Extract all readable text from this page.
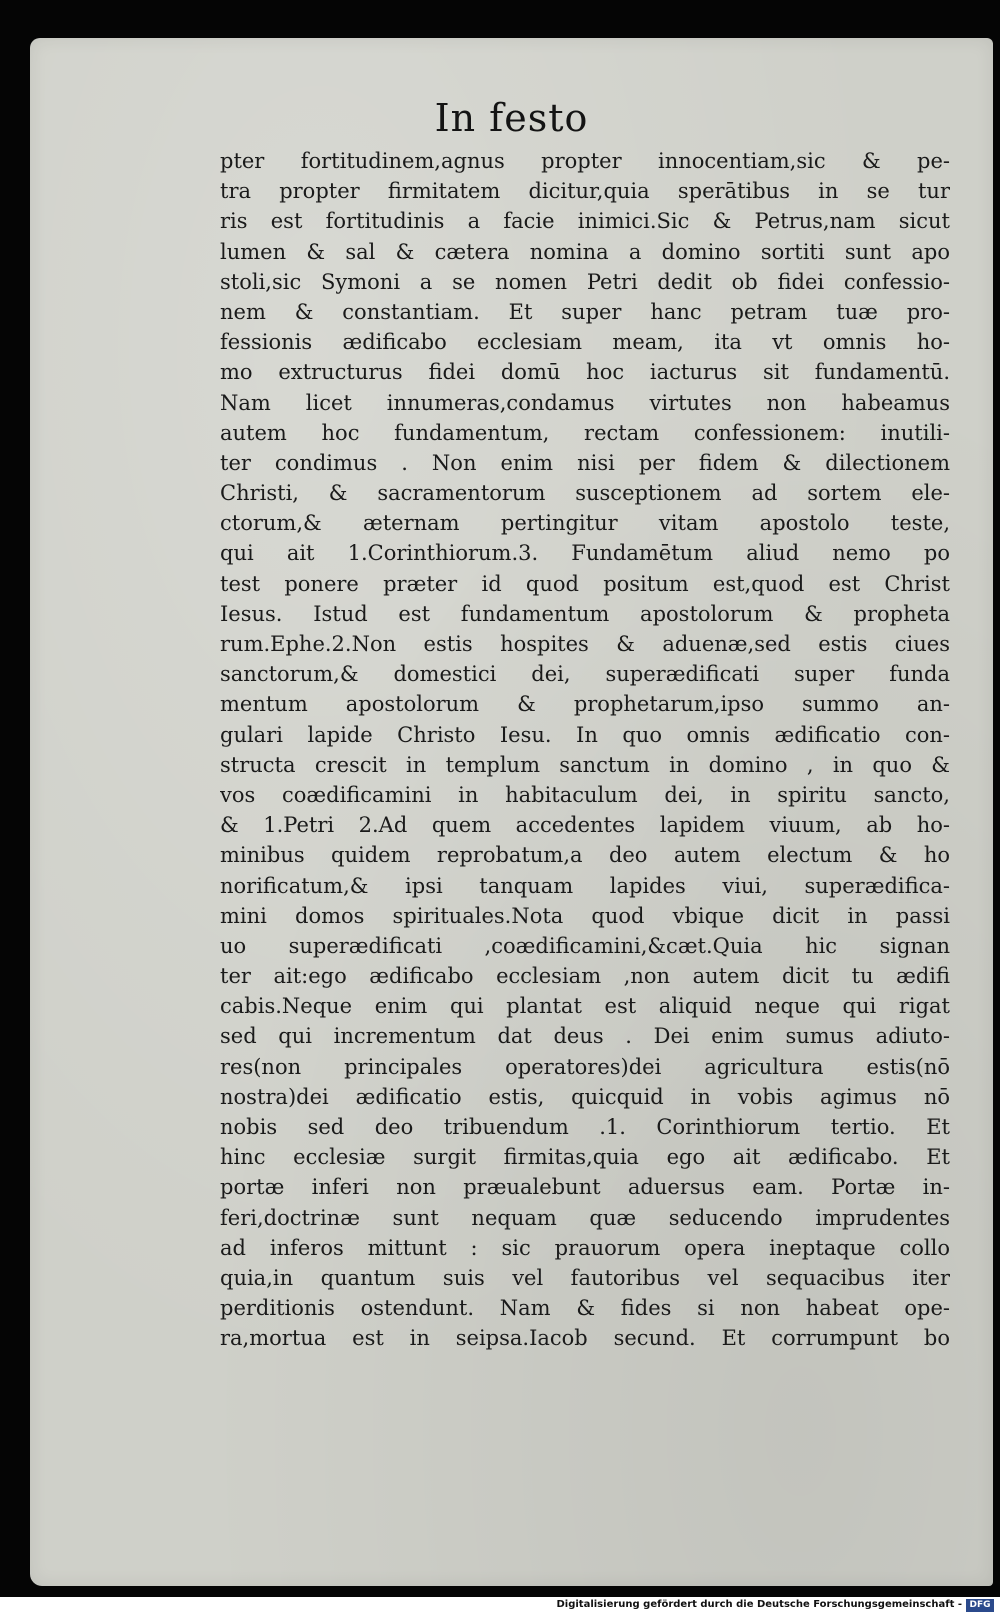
In festo
pter fortitudinem,agnus propter innocentiam,sic & pe-
tra propter firmitatem dicitur,quia sperātibus in se tur
ris est fortitudinis a facie inimici.Sic & Petrus,nam sicut
lumen & sal & cætera nomina a domino sortiti sunt apo
stoli,sic Symoni a se nomen Petri dedit ob fidei confessio-
nem & constantiam. Et super hanc petram tuæ pro-
fessionis ædificabo ecclesiam meam, ita vt omnis ho-
mo extructurus fidei domū hoc iacturus sit fundamentū.
Nam licet innumeras,condamus virtutes non habeamus
autem hoc fundamentum, rectam confessionem: inutili-
ter condimus . Non enim nisi per fidem & dilectionem
Christi, & sacramentorum susceptionem ad sortem ele-
ctorum,& æternam pertingitur vitam apostolo teste,
qui ait 1.Corinthiorum.3. Fundamētum aliud nemo po
test ponere præter id quod positum est,quod est Christ
Iesus. Istud est fundamentum apostolorum & propheta
rum.Ephe.2.Non estis hospites & aduenæ,sed estis ciues
sanctorum,& domestici dei, superædificati super funda
mentum apostolorum & prophetarum,ipso summo an-
gulari lapide Christo Iesu. In quo omnis ædificatio con-
structa crescit in templum sanctum in domino , in quo &
vos coædificamini in habitaculum dei, in spiritu sancto,
& 1.Petri 2.Ad quem accedentes lapidem viuum, ab ho-
minibus quidem reprobatum,a deo autem electum & ho
norificatum,& ipsi tanquam lapides viui, superædifica-
mini domos spirituales.Nota quod vbique dicit in passi
uo superædificati ,coædificamini,&cæt.Quia hic signan
ter ait:ego ædificabo ecclesiam ,non autem dicit tu ædifi
cabis.Neque enim qui plantat est aliquid neque qui rigat
sed qui incrementum dat deus . Dei enim sumus adiuto-
res(non principales operatores)dei agricultura estis(nō
nostra)dei ædificatio estis, quicquid in vobis agimus nō
nobis sed deo tribuendum .1. Corinthiorum tertio. Et
hinc ecclesiæ surgit firmitas,quia ego ait ædificabo. Et
portæ inferi non præualebunt aduersus eam. Portæ in-
feri,doctrinæ sunt nequam quæ seducendo imprudentes
ad inferos mittunt : sic prauorum opera ineptaque collo
quia,in quantum suis vel fautoribus vel sequacibus iter
perditionis ostendunt. Nam & fides si non habeat ope-
ra,mortua est in seipsa.Iacob secund. Et corrumpunt bo
Digitalisierung gefördert durch die Deutsche Forschungsgemeinschaft - DFG
